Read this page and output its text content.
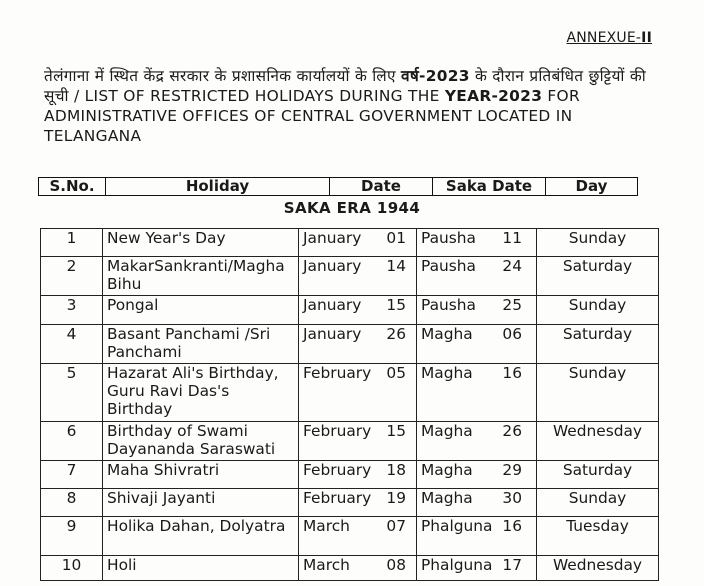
ANNEXUE-II
तेलंगाना में स्थित केंद्र सरकार के प्रशासनिक कार्यालयों के लिए वर्ष-2023 के दौरान प्रतिबंधित छुट्टियों की सूची / LIST OF RESTRICTED HOLIDAYS DURING THE YEAR-2023 FOR ADMINISTRATIVE OFFICES OF CENTRAL GOVERNMENT LOCATED IN TELANGANA
S.No.	Holiday	Date	Saka Date	Day
SAKA ERA 1944
1	New Year's Day	January 01	Pausha 11	Sunday
2	MakarSankranti/Magha Bihu	January 14	Pausha 24	Saturday
3	Pongal	January 15	Pausha 25	Sunday
4	Basant Panchami /Sri Panchami	January 26	Magha 06	Saturday
5	Hazarat Ali's Birthday, Guru Ravi Das's Birthday	February 05	Magha 16	Sunday
6	Birthday of Swami Dayananda Saraswati	February 15	Magha 26	Wednesday
7	Maha Shivratri	February 18	Magha 29	Saturday
8	Shivaji Jayanti	February 19	Magha 30	Sunday
9	Holika Dahan, Dolyatra	March 07	Phalguna 16	Tuesday
10	Holi	March 08	Phalguna 17	Wednesday
